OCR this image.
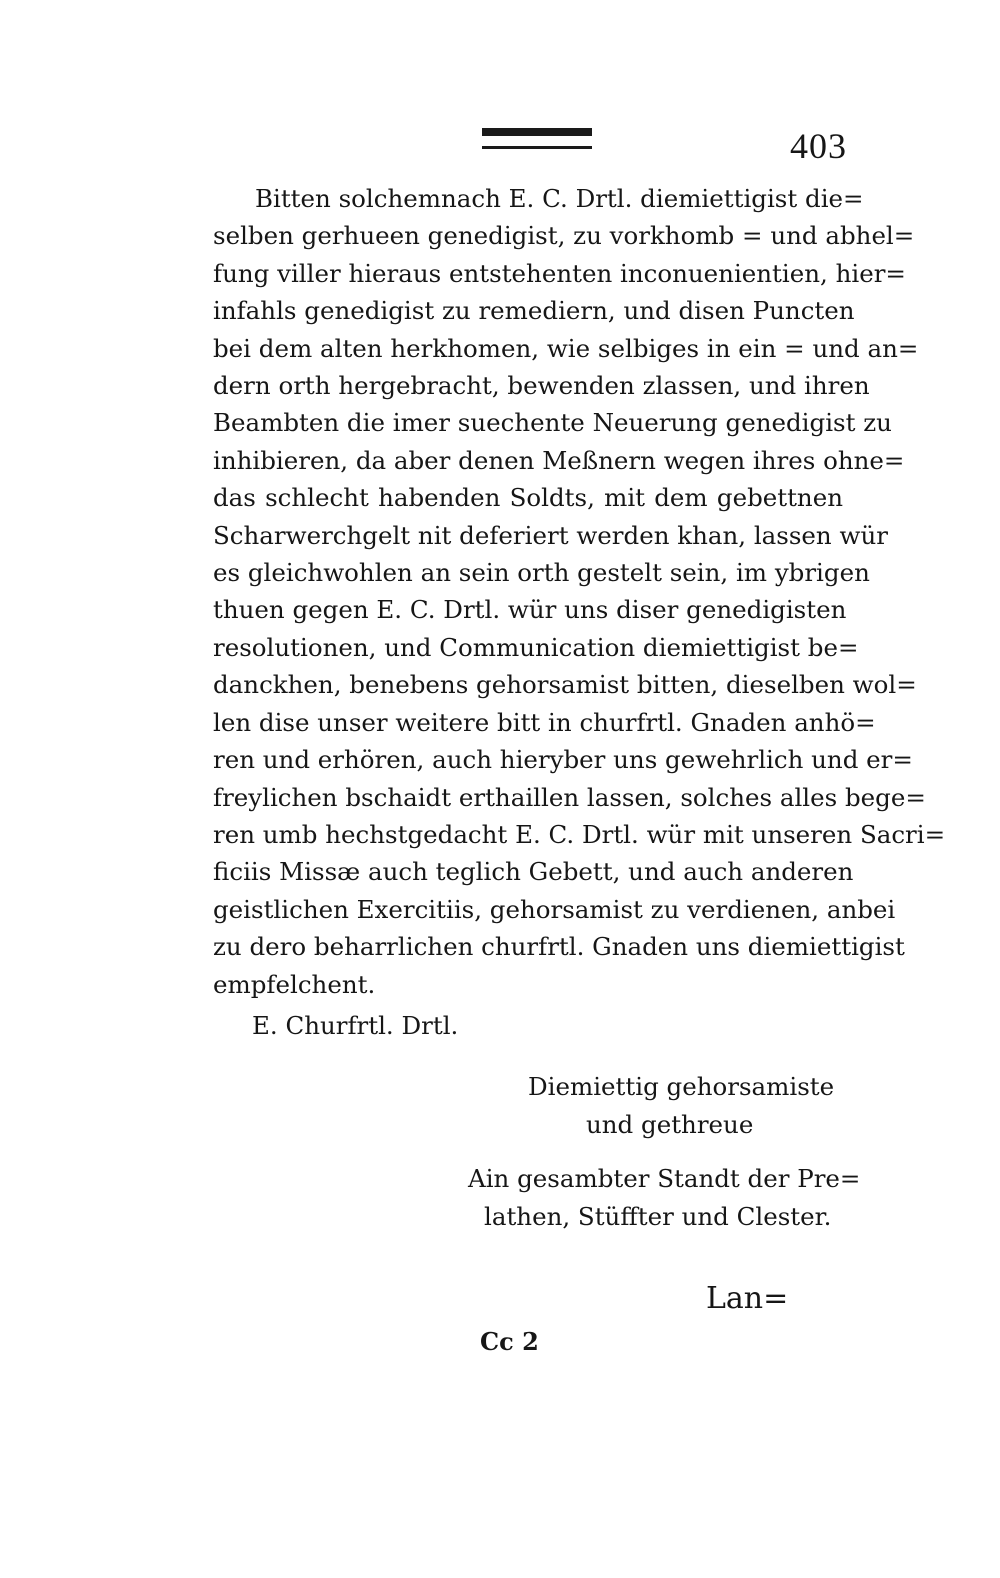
403
Bitten solchemnach E. C. Drtl. diemiettigist die=
selben gerhueen genedigist, zu vorkhomb = und abhel=
fung viller hieraus entstehenten inconuenientien, hier=
infahls genedigist zu remediern, und disen Puncten
bei dem alten herkhomen, wie selbiges in ein = und an=
dern orth hergebracht, bewenden zlassen, und ihren
Beambten die imer suechente Neuerung genedigist zu
inhibieren, da aber denen Meßnern wegen ihres ohne=
das schlecht habenden Soldts, mit dem gebettnen
Scharwerchgelt nit deferiert werden khan, lassen wür
es gleichwohlen an sein orth gestelt sein, im ybrigen
thuen gegen E. C. Drtl. wür uns diser genedigisten
resolutionen, und Communication diemiettigist be=
danckhen, benebens gehorsamist bitten, dieselben wol=
len dise unser weitere bitt in churfrtl. Gnaden anhö=
ren und erhören, auch hieryber uns gewehrlich und er=
freylichen bschaidt erthaillen lassen, solches alles bege=
ren umb hechstgedacht E. C. Drtl. wür mit unseren Sacri=
ficiis Missæ auch teglich Gebett, und auch anderen
geistlichen Exercitiis, gehorsamist zu verdienen, anbei
zu dero beharrlichen churfrtl. Gnaden uns diemiettigist
empfelchent.
E. Churfrtl. Drtl.
Diemiettig gehorsamiste
und gethreue
Ain gesambter Standt der Pre=
lathen, Stüffter und Clester.
Lan=
Cc 2
